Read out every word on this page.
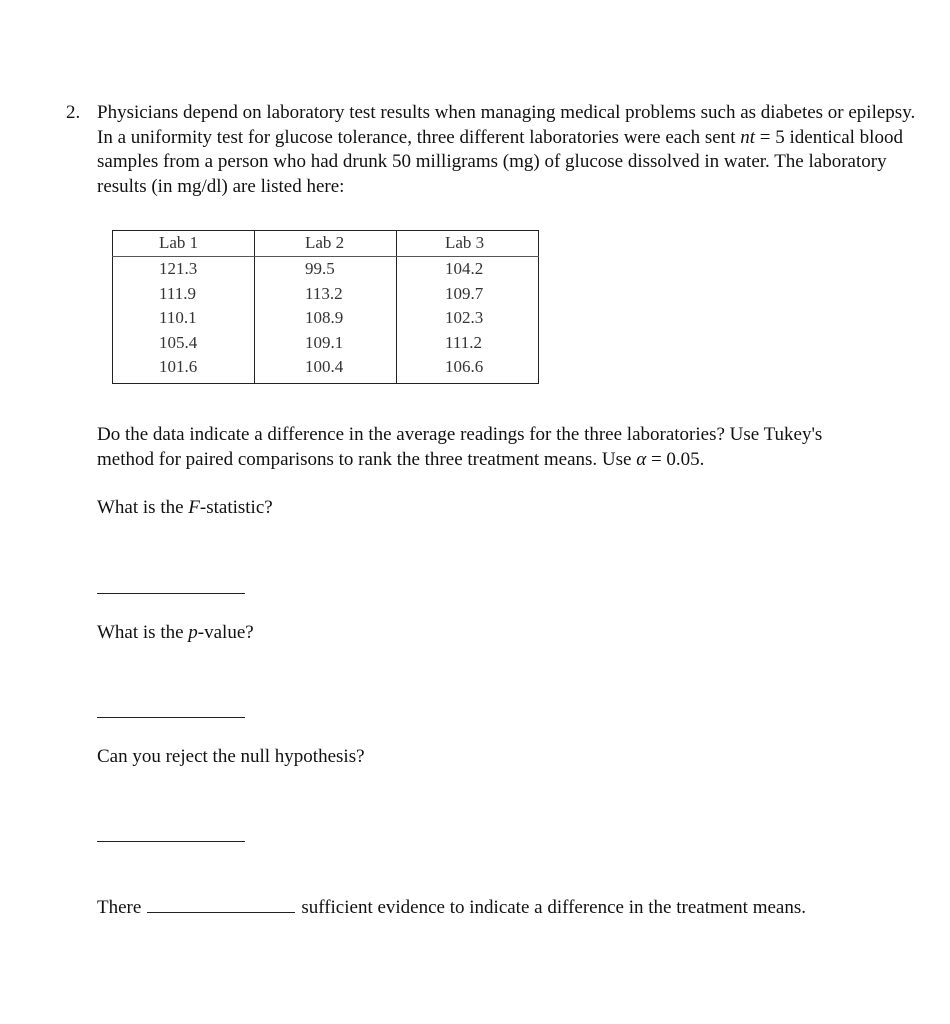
2. Physicians depend on laboratory test results when managing medical problems such as diabetes or epilepsy. In a uniformity test for glucose tolerance, three different laboratories were each sent nt = 5 identical blood samples from a person who had drunk 50 milligrams (mg) of glucose dissolved in water. The laboratory results (in mg/dl) are listed here:

Lab 1	Lab 2	Lab 3
121.3	99.5	104.2
111.9	113.2	109.7
110.1	108.9	102.3
105.4	109.1	111.2
101.6	100.4	106.6
Do the data indicate a difference in the average readings for the three laboratories? Use Tukey's
method for paired comparisons to rank the three treatment means. Use α = 0.05.
What is the F-statistic?
What is the p-value?
Can you reject the null hypothesis?
There	sufficient evidence to indicate a difference in the treatment means.
